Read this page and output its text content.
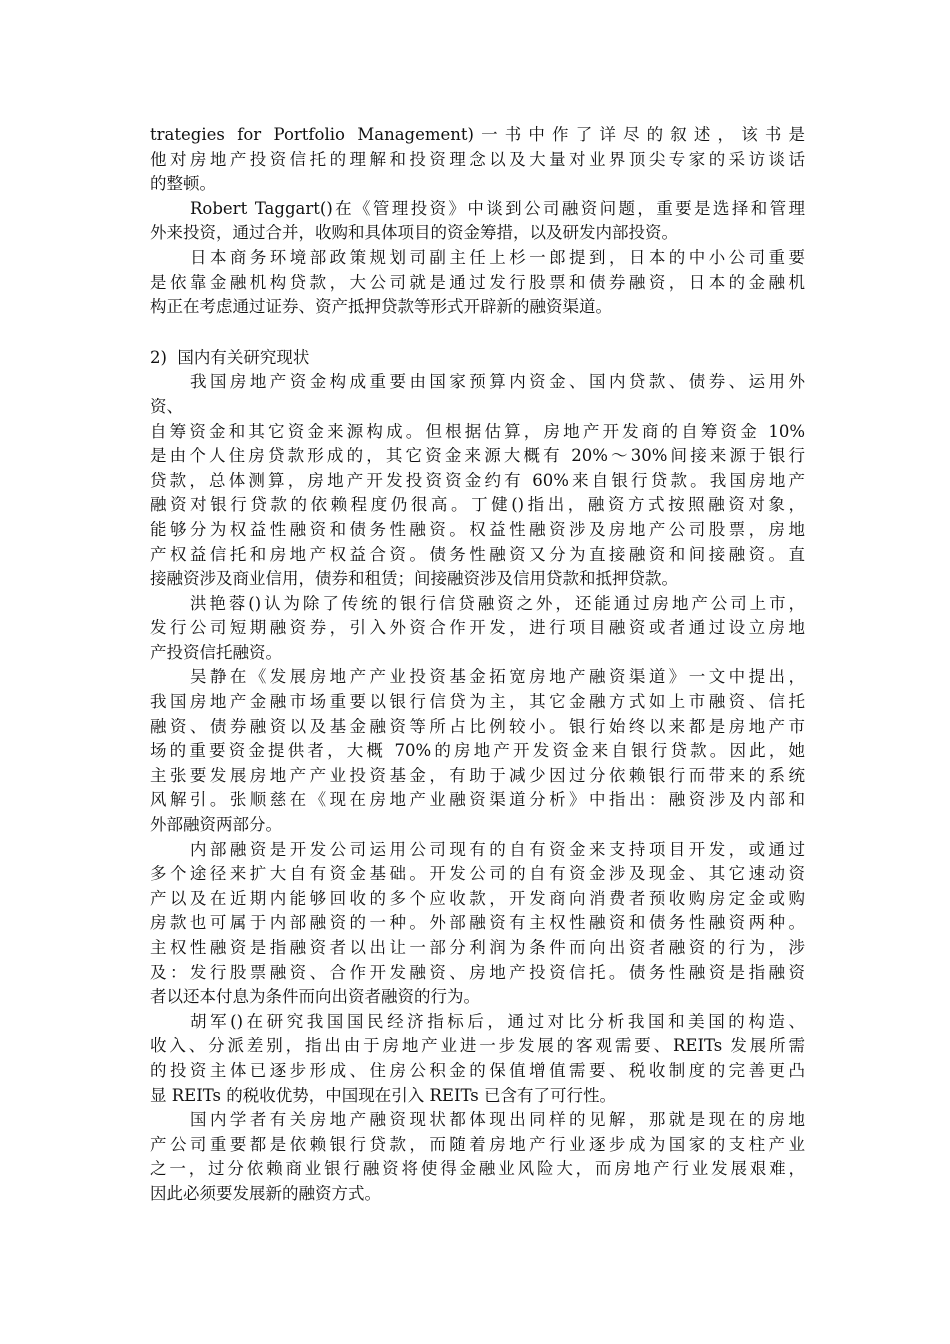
trategies for Portfolio Management)一书中作了详尽的叙述，该书是
他对房地产投资信托的理解和投资理念以及大量对业界顶尖专家的采访谈话
的整顿。
Robert Taggart()在《管理投资》中谈到公司融资问题，重要是选择和管理
外来投资，通过合并，收购和具体项目的资金筹措，以及研发内部投资。
日本商务环境部政策规划司副主任上杉一郎提到，日本的中小公司重要
是依靠金融机构贷款，大公司就是通过发行股票和债券融资，日本的金融机
构正在考虑通过证券、资产抵押贷款等形式开辟新的融资渠道。
2)  国内有关研究现状
我国房地产资金构成重要由国家预算内资金、国内贷款、债券、运用外
资、
自筹资金和其它资金来源构成。但根据估算，房地产开发商的自筹资金 10%
是由个人住房贷款形成的，其它资金来源大概有 20%～30%间接来源于银行
贷款，总体测算，房地产开发投资资金约有 60%来自银行贷款。我国房地产
融资对银行贷款的依赖程度仍很高。丁健()指出，融资方式按照融资对象，
能够分为权益性融资和债务性融资。权益性融资涉及房地产公司股票，房地
产权益信托和房地产权益合资。债务性融资又分为直接融资和间接融资。直
接融资涉及商业信用，债券和租赁；间接融资涉及信用贷款和抵押贷款。
洪艳蓉()认为除了传统的银行信贷融资之外，还能通过房地产公司上市，
发行公司短期融资券，引入外资合作开发，进行项目融资或者通过设立房地
产投资信托融资。
吴静在《发展房地产产业投资基金拓宽房地产融资渠道》一文中提出，
我国房地产金融市场重要以银行信贷为主，其它金融方式如上市融资、信托
融资、债券融资以及基金融资等所占比例较小。银行始终以来都是房地产市
场的重要资金提供者，大概 70%的房地产开发资金来自银行贷款。因此，她
主张要发展房地产产业投资基金，有助于减少因过分依赖银行而带来的系统
风解引。张顺慈在《现在房地产业融资渠道分析》中指出：融资涉及内部和
外部融资两部分。
内部融资是开发公司运用公司现有的自有资金来支持项目开发，或通过
多个途径来扩大自有资金基础。开发公司的自有资金涉及现金、其它速动资
产以及在近期内能够回收的多个应收款，开发商向消费者预收购房定金或购
房款也可属于内部融资的一种。外部融资有主权性融资和债务性融资两种。
主权性融资是指融资者以出让一部分利润为条件而向出资者融资的行为，涉
及：发行股票融资、合作开发融资、房地产投资信托。债务性融资是指融资
者以还本付息为条件而向出资者融资的行为。
胡军()在研究我国国民经济指标后，通过对比分析我国和美国的构造、
收入、分派差别，指出由于房地产业进一步发展的客观需要、REITs 发展所需
的投资主体已逐步形成、住房公积金的保值增值需要、税收制度的完善更凸
显 REITs 的税收优势，中国现在引入 REITs 已含有了可行性。
国内学者有关房地产融资现状都体现出同样的见解，那就是现在的房地
产公司重要都是依赖银行贷款，而随着房地产行业逐步成为国家的支柱产业
之一，过分依赖商业银行融资将使得金融业风险大，而房地产行业发展艰难，
因此必须要发展新的融资方式。
